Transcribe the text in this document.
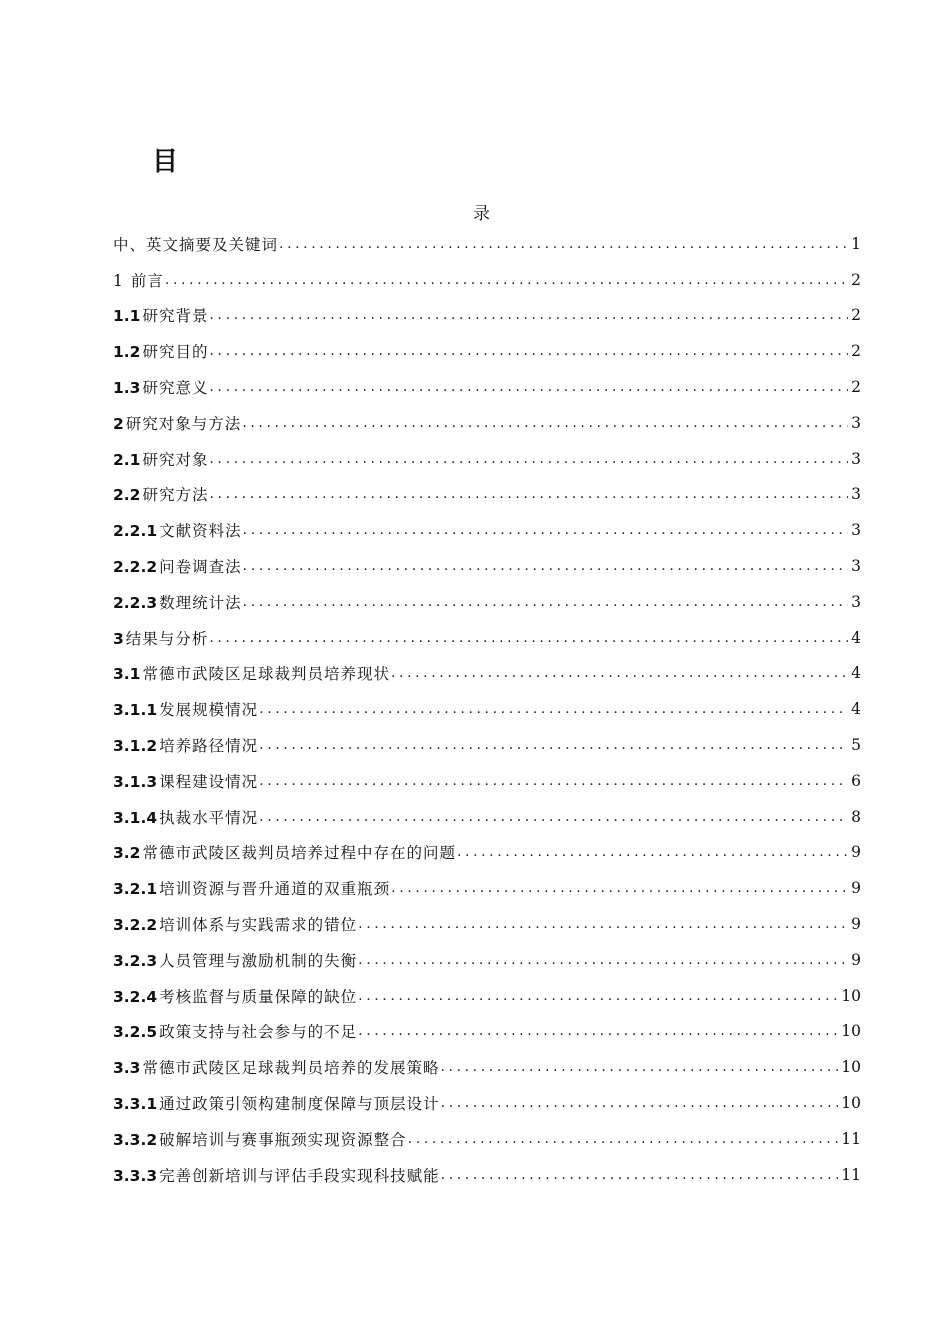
目
录
中、英文摘要及关键词 .....	1
1 前言 .....	2
1.1 研究背景 .....	2
1.2 研究目的 .....	2
1.3 研究意义 .....	2
2 研究对象与方法 .....	3
2.1 研究对象 .....	3
2.2 研究方法 .....	3
2.2.1 文献资料法 .....	3
2.2.2 问卷调查法 .....	3
2.2.3 数理统计法 .....	3
3 结果与分析 .....	4
3.1 常德市武陵区足球裁判员培养现状 .....	4
3.1.1 发展规模情况 .....	4
3.1.2 培养路径情况 .....	5
3.1.3 课程建设情况 .....	6
3.1.4 执裁水平情况 .....	8
3.2 常德市武陵区裁判员培养过程中存在的问题 .....	9
3.2.1 培训资源与晋升通道的双重瓶颈 .....	9
3.2.2 培训体系与实践需求的错位 .....	9
3.2.3 人员管理与激励机制的失衡 .....	9
3.2.4 考核监督与质量保障的缺位 .....	10
3.2.5 政策支持与社会参与的不足 .....	10
3.3 常德市武陵区足球裁判员培养的发展策略 .....	10
3.3.1 通过政策引领构建制度保障与顶层设计 .....	10
3.3.2 破解培训与赛事瓶颈实现资源整合 .....	11
3.3.3 完善创新培训与评估手段实现科技赋能 .....	11
